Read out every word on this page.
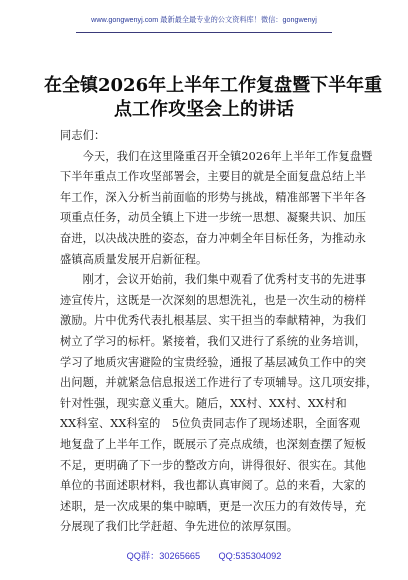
www.gongwenyj.com 最新最全最专业的公文资料库！微信：gongwenyj
在全镇2026年上半年工作复盘暨下半年重
点工作攻坚会上的讲话
同志们：
　　今天，我们在这里隆重召开全镇2026年上半年工作复盘暨
下半年重点工作攻坚部署会，主要目的就是全面复盘总结上半
年工作，深入分析当前面临的形势与挑战，精准部署下半年各
项重点任务，动员全镇上下进一步统一思想、凝聚共识、加压
奋进，以决战决胜的姿态，奋力冲刺全年目标任务，为推动永
盛镇高质量发展开启新征程。
　　刚才，会议开始前，我们集中观看了优秀村支书的先进事
迹宣传片，这既是一次深刻的思想洗礼，也是一次生动的榜样
激励。片中优秀代表扎根基层、实干担当的奉献精神，为我们
树立了学习的标杆。紧接着，我们又进行了系统的业务培训，
学习了地质灾害避险的宝贵经验，通报了基层减负工作中的突
出问题，并就紧急信息报送工作进行了专项辅导。这几项安排，
针对性强，现实意义重大。随后，XX村、XX村、XX村和
XX科室、XX科室的　5位负责同志作了现场述职，全面客观
地复盘了上半年工作，既展示了亮点成绩，也深刻查摆了短板
不足，更明确了下一步的整改方向，讲得很好、很实在。其他
单位的书面述职材料，我也都认真审阅了。总的来看，大家的
述职，是一次成果的集中晾晒，更是一次压力的有效传导，充
分展现了我们比学赶超、争先进位的浓厚氛围。
QQ群：30265665　　QQ:535304092
